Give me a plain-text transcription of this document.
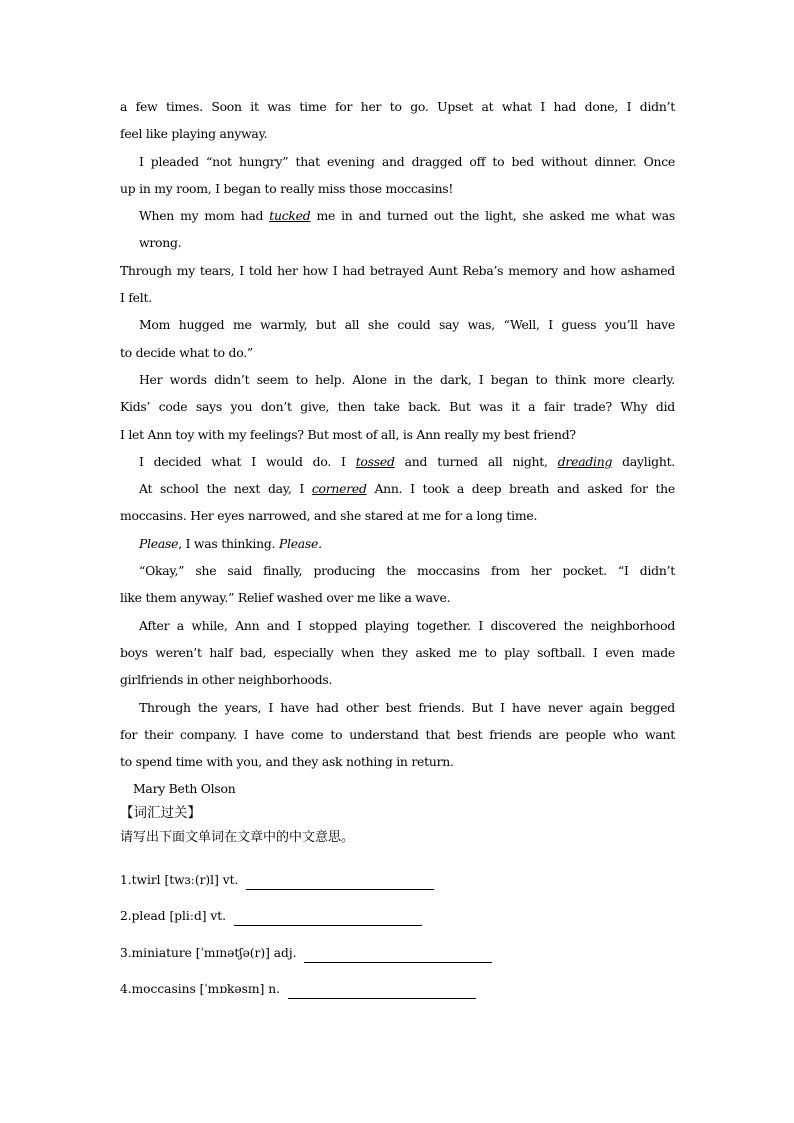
a few times. Soon it was time for her to go. Upset at what I had done, I didn’t
feel like playing anyway.
I pleaded “not hungry” that evening and dragged off to bed without dinner. Once
up in my room, I began to really miss those moccasins!
When my mom had tucked me in and turned out the light, she asked me what was wrong.
Through my tears, I told her how I had betrayed Aunt Reba’s memory and how ashamed
I felt.
Mom hugged me warmly, but all she could say was, “Well, I guess you’ll have
to decide what to do.”
Her words didn’t seem to help. Alone in the dark, I began to think more clearly.
Kids’ code says you don’t give, then take back. But was it a fair trade? Why did
I let Ann toy with my feelings? But most of all, is Ann really my best friend?
I decided what I would do. I tossed and turned all night, dreading daylight.
At school the next day, I cornered Ann. I took a deep breath and asked for the
moccasins. Her eyes narrowed, and she stared at me for a long time.
Please, I was thinking. Please.
“Okay,” she said finally, producing the moccasins from her pocket. “I didn’t
like them anyway.” Relief washed over me like a wave.
After a while, Ann and I stopped playing together. I discovered the neighborhood
boys weren’t half bad, especially when they asked me to play softball. I even made
girlfriends in other neighborhoods.
Through the years, I have had other best friends. But I have never again begged
for their company. I have come to understand that best friends are people who want
to spend time with you, and they ask nothing in return.
Mary Beth Olson
【词汇过关】
请写出下面文单词在文章中的中文意思。
1.twirl [twɜː(r)l] vt.
2.plead [pliːd] vt.
3.miniature [ˈmɪnətʃə(r)] adj.
4.moccasins [ˈmɒkəsɪn] n.
